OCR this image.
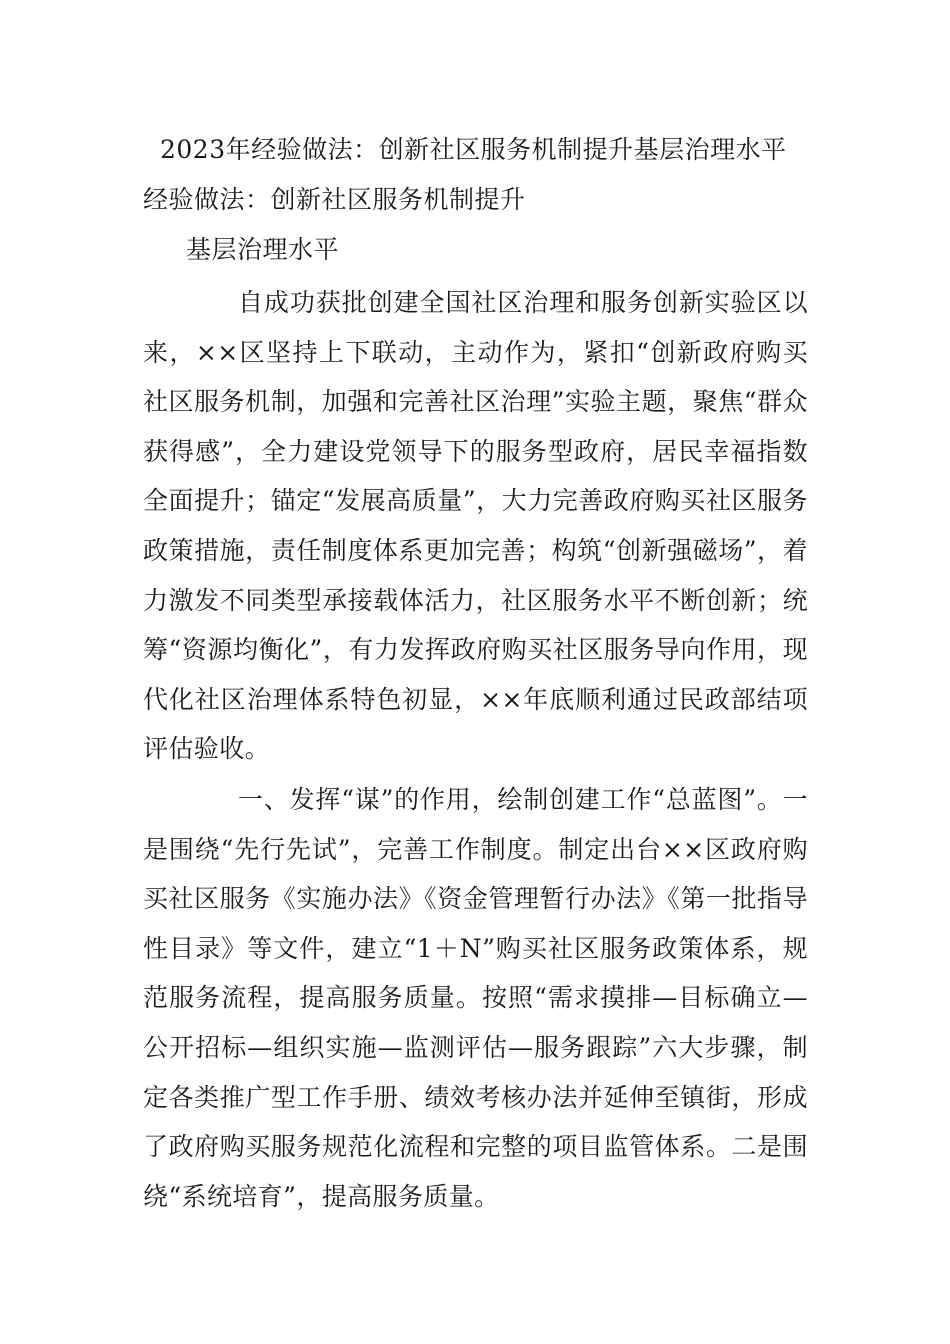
2023年经验做法：创新社区服务机制提升基层治理水平
经验做法：创新社区服务机制提升
基层治理水平

自成功获批创建全国社区治理和服务创新实验区以来，××区坚持上下联动，主动作为，紧扣“创新政府购买社区服务机制，加强和完善社区治理”实验主题，聚焦“群众获得感”，全力建设党领导下的服务型政府，居民幸福指数全面提升；锚定“发展高质量”，大力完善政府购买社区服务政策措施，责任制度体系更加完善；构筑“创新强磁场”，着力激发不同类型承接载体活力，社区服务水平不断创新；统筹“资源均衡化”，有力发挥政府购买社区服务导向作用，现代化社区治理体系特色初显，××年底顺利通过民政部结项评估验收。

一、发挥“谋”的作用，绘制创建工作“总蓝图”。一是围绕“先行先试”，完善工作制度。制定出台××区政府购买社区服务《实施办法》《资金管理暂行办法》《第一批指导性目录》等文件，建立“1＋N”购买社区服务政策体系，规范服务流程，提高服务质量。按照“需求摸排—目标确立—公开招标—组织实施—监测评估—服务跟踪”六大步骤，制定各类推广型工作手册、绩效考核办法并延伸至镇街，形成了政府购买服务规范化流程和完整的项目监管体系。二是围绕“系统培育”，提高服务质量。
